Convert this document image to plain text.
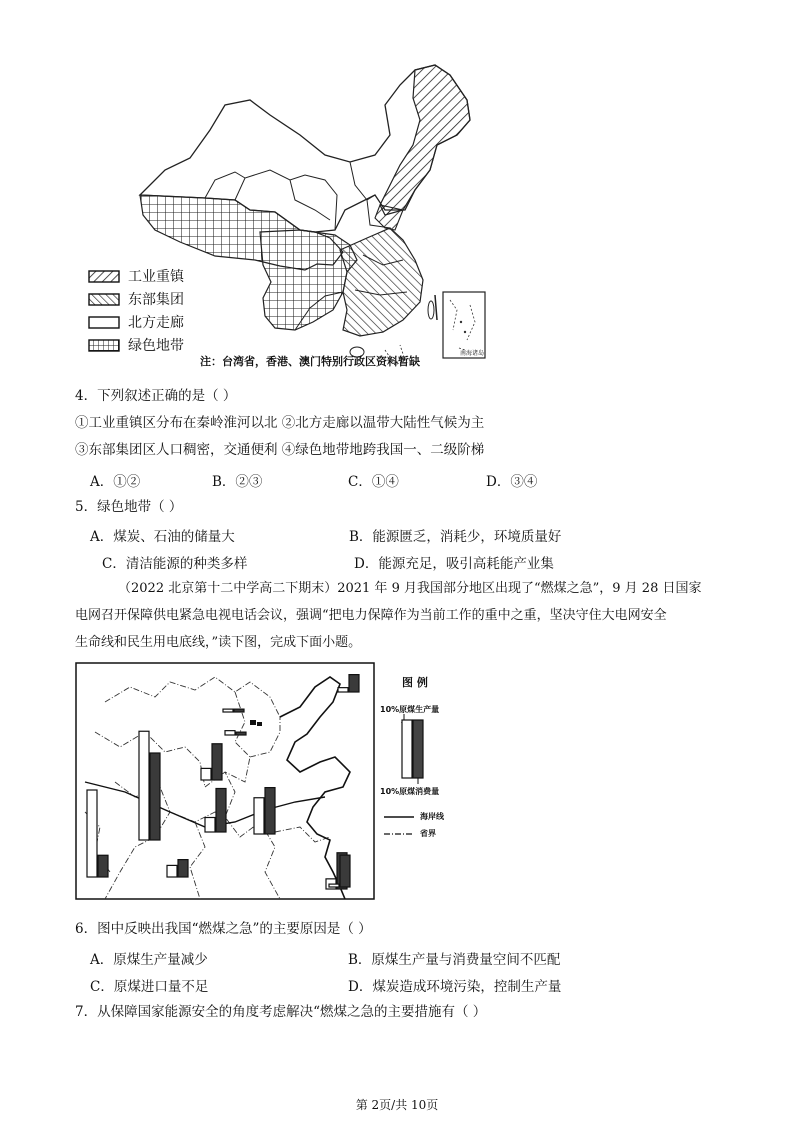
南海诸岛
工业重镇
东部集团
北方走廊
绿色地带
注：台湾省，香港、澳门特别行政区资料暂缺
4．下列叙述正确的是（ ）
①工业重镇区分布在秦岭淮河以北 ②北方走廊以温带大陆性气候为主
③东部集团区人口稠密，交通便利 ④绿色地带地跨我国一、二级阶梯
A．①②	B．②③	C．①④	D．③④
5．绿色地带（ ）
A．煤炭、石油的储量大	B．能源匮乏，消耗少，环境质量好
C．清洁能源的种类多样	D．能源充足，吸引高耗能产业集
（2022 北京第十二中学高二下期末）2021 年 9 月我国部分地区出现了“燃煤之急”，9 月 28 日国家
电网召开保障供电紧急电视电话会议，强调“把电力保障作为当前工作的重中之重，坚决守住大电网安全
生命线和民生用电底线，”读下图，完成下面小题。
图 例
10%原煤生产量
10%原煤消费量
海岸线
省界
6．图中反映出我国“燃煤之急”的主要原因是（ ）
A．原煤生产量减少	B．原煤生产量与消费量空间不匹配
C．原煤进口量不足	D．煤炭造成环境污染，控制生产量
7．从保障国家能源安全的角度考虑解决“燃煤之急的主要措施有（ ）
第 2页/共 10页
